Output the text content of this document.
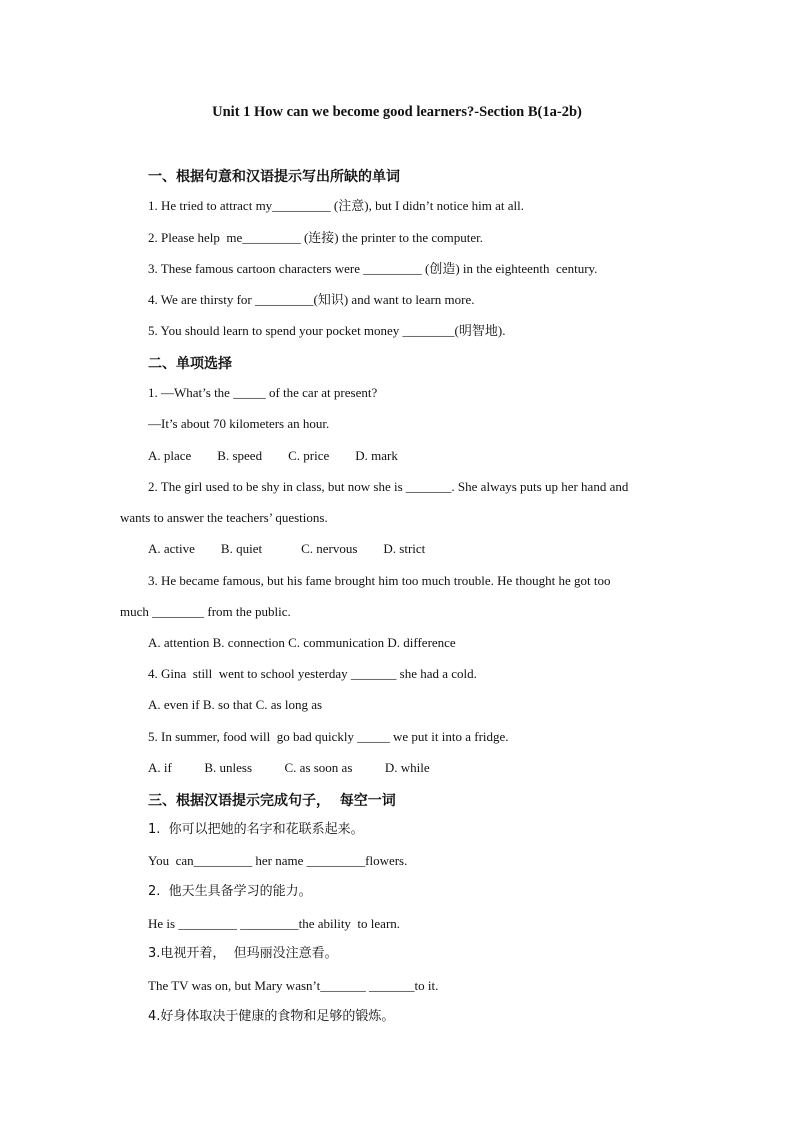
Unit 1 How can we become good learners?-Section B(1a-2b)
一、根据句意和汉语提示写出所缺的单词
1. He tried to attract my_________ (注意), but I didn’t notice him at all.
2. Please help  me_________ (连接) the printer to the computer.
3. These famous cartoon characters were _________ (创造) in the eighteenth  century.
4. We are thirsty for _________(知识) and want to learn more.
5. You should learn to spend your pocket money ________(明智地).
二、单项选择
1. —What’s the _____ of the car at present?
—It’s about 70 kilometers an hour.
A. place        B. speed        C. price        D. mark
2. The girl used to be shy in class, but now she is _______. She always puts up her hand and
wants to answer the teachers’ questions.
A. active        B. quiet            C. nervous        D. strict
3. He became famous, but his fame brought him too much trouble. He thought he got too
much ________ from the public.
A. attention B. connection C. communication D. difference
4. Gina  still  went to school yesterday _______ she had a cold.
A. even if B. so that C. as long as
5. In summer, food will  go bad quickly _____ we put it into a fridge.
A. if          B. unless          C. as soon as          D. while
三、根据汉语提示完成句子，  每空一词
1.  你可以把她的名字和花联系起来。
You  can_________ her name _________flowers.
2.  他天生具备学习的能力。
He is _________ _________the ability  to learn.
3.电视开着，  但玛丽没注意看。
The TV was on, but Mary wasn’t_______ _______to it.
4.好身体取决于健康的食物和足够的锻炼。
